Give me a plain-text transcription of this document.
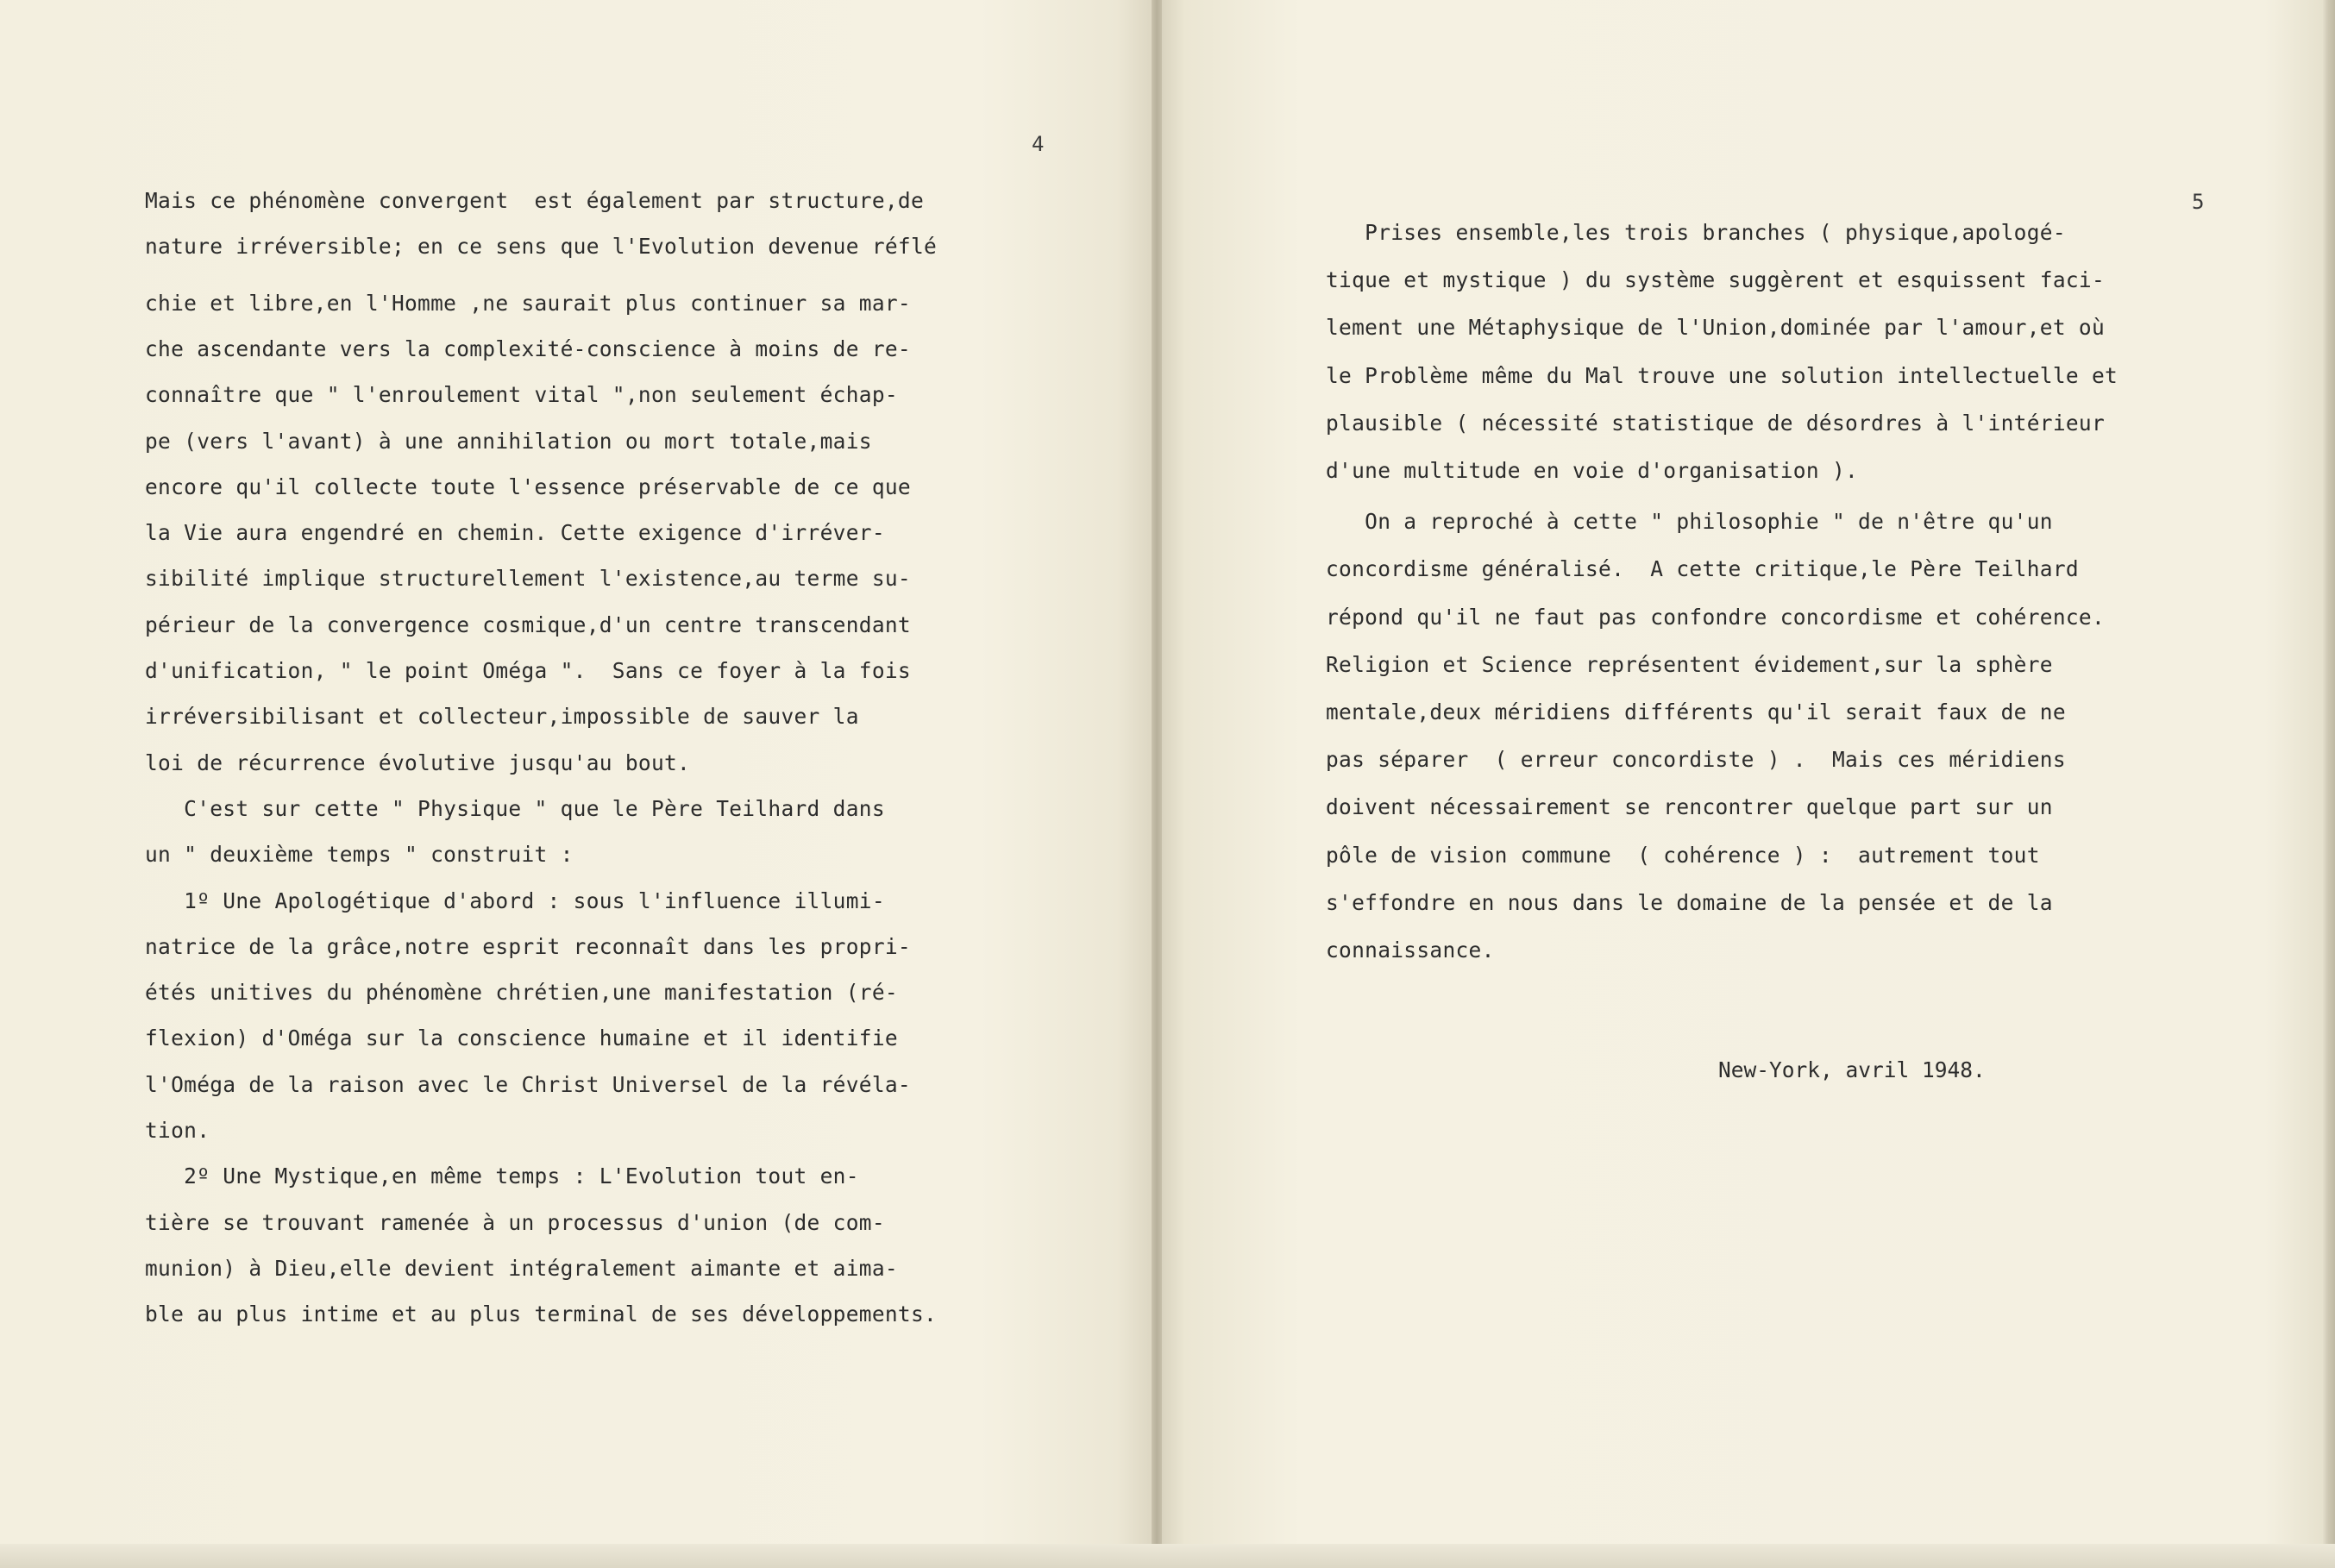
4
Mais ce phénomène convergent  est également par structure,de
nature irréversible; en ce sens que l'Evolution devenue réflé
chie et libre,en l'Homme ,ne saurait plus continuer sa mar-
che ascendante vers la complexité-conscience à moins de re-
connaître que " l'enroulement vital ",non seulement échap-
pe (vers l'avant) à une annihilation ou mort totale,mais
encore qu'il collecte toute l'essence préservable de ce que
la Vie aura engendré en chemin. Cette exigence d'irréver-
sibilité implique structurellement l'existence,au terme su-
périeur de la convergence cosmique,d'un centre transcendant
d'unification, " le point Oméga ".  Sans ce foyer à la fois
irréversibilisant et collecteur,impossible de sauver la
loi de récurrence évolutive jusqu'au bout.
C'est sur cette " Physique " que le Père Teilhard dans
un " deuxième temps " construit :
1º Une Apologétique d'abord : sous l'influence illumi-
natrice de la grâce,notre esprit reconnaît dans les propri-
étés unitives du phénomène chrétien,une manifestation (ré-
flexion) d'Oméga sur la conscience humaine et il identifie
l'Oméga de la raison avec le Christ Universel de la révéla-
tion.
2º Une Mystique,en même temps : L'Evolution tout en-
tière se trouvant ramenée à un processus d'union (de com-
munion) à Dieu,elle devient intégralement aimante et aima-
ble au plus intime et au plus terminal de ses développements.
5
Prises ensemble,les trois branches ( physique,apologé-
tique et mystique ) du système suggèrent et esquissent faci-
lement une Métaphysique de l'Union,dominée par l'amour,et où
le Problème même du Mal trouve une solution intellectuelle et
plausible ( nécessité statistique de désordres à l'intérieur
d'une multitude en voie d'organisation ).
On a reproché à cette " philosophie " de n'être qu'un
concordisme généralisé.  A cette critique,le Père Teilhard
répond qu'il ne faut pas confondre concordisme et cohérence.
Religion et Science représentent évidement,sur la sphère
mentale,deux méridiens différents qu'il serait faux de ne
pas séparer  ( erreur concordiste ) .  Mais ces méridiens
doivent nécessairement se rencontrer quelque part sur un
pôle de vision commune  ( cohérence ) :  autrement tout
s'effondre en nous dans le domaine de la pensée et de la
connaissance.
New-York, avril 1948.
